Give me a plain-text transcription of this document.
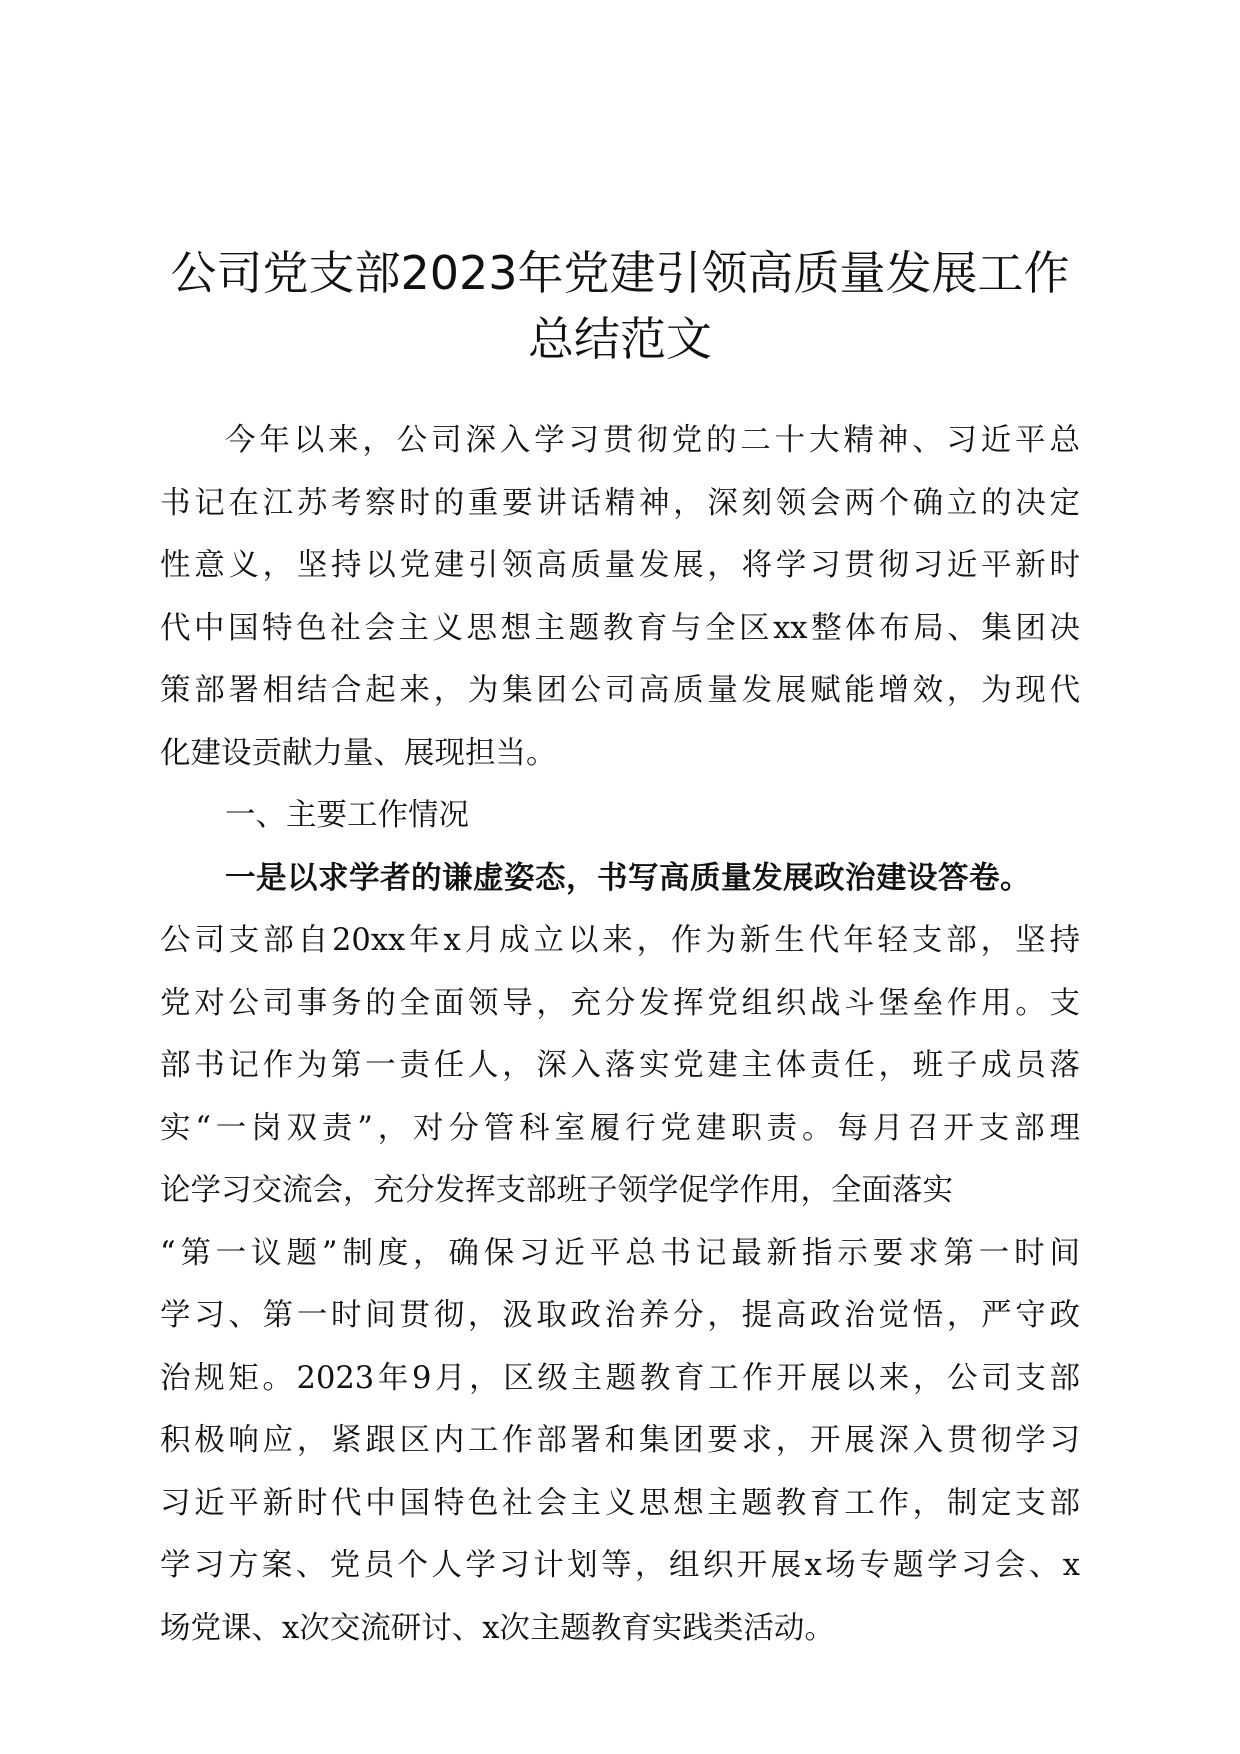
公司党支部2023年党建引领高质量发展工作
总结范文
今年以来，公司深入学习贯彻党的二十大精神、习近平总
书记在江苏考察时的重要讲话精神，深刻领会两个确立的决定
性意义，坚持以党建引领高质量发展，将学习贯彻习近平新时
代中国特色社会主义思想主题教育与全区xx整体布局、集团决
策部署相结合起来，为集团公司高质量发展赋能增效，为现代
化建设贡献力量、展现担当。
一、主要工作情况
一是以求学者的谦虚姿态，书写高质量发展政治建设答卷。
公司支部自20xx年x月成立以来，作为新生代年轻支部，坚持
党对公司事务的全面领导，充分发挥党组织战斗堡垒作用。支
部书记作为第一责任人，深入落实党建主体责任，班子成员落
实“一岗双责”，对分管科室履行党建职责。每月召开支部理
论学习交流会，充分发挥支部班子领学促学作用，全面落实
“第一议题”制度，确保习近平总书记最新指示要求第一时间
学习、第一时间贯彻，汲取政治养分，提高政治觉悟，严守政
治规矩。2023年9月，区级主题教育工作开展以来，公司支部
积极响应，紧跟区内工作部署和集团要求，开展深入贯彻学习
习近平新时代中国特色社会主义思想主题教育工作，制定支部
学习方案、党员个人学习计划等，组织开展x场专题学习会、x
场党课、x次交流研讨、x次主题教育实践类活动。
